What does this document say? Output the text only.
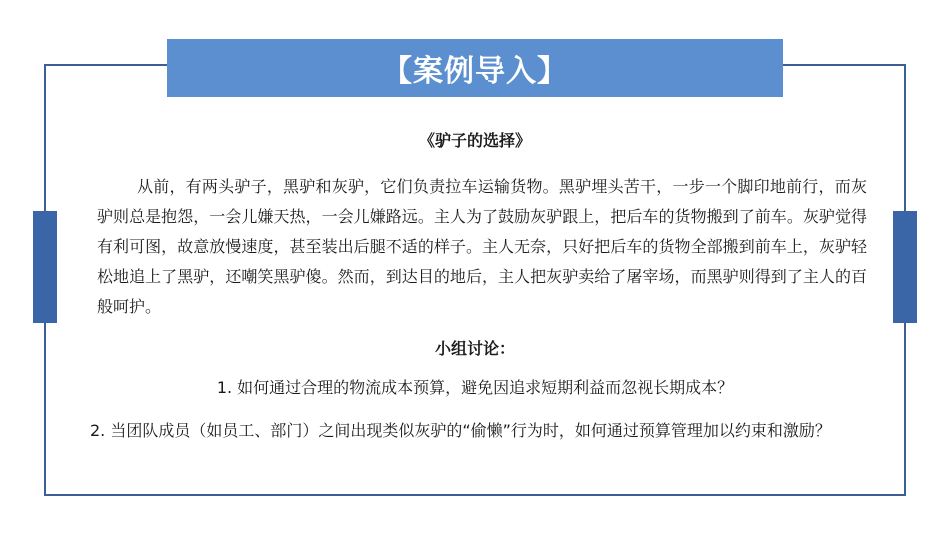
【案例导入】
《驴子的选择》
从前，有两头驴子，黑驴和灰驴，它们负责拉车运输货物。黑驴埋头苦干，一步一个脚印地前行，而灰驴则总是抱怨，一会儿嫌天热，一会儿嫌路远。主人为了鼓励灰驴跟上，把后车的货物搬到了前车。灰驴觉得有利可图，故意放慢速度，甚至装出后腿不适的样子。主人无奈，只好把后车的货物全部搬到前车上，灰驴轻松地追上了黑驴，还嘲笑黑驴傻。然而，到达目的地后，主人把灰驴卖给了屠宰场，而黑驴则得到了主人的百般呵护。
小组讨论：
1. 如何通过合理的物流成本预算，避免因追求短期利益而忽视长期成本？
2. 当团队成员（如员工、部门）之间出现类似灰驴的“偷懒”行为时，如何通过预算管理加以约束和激励？
